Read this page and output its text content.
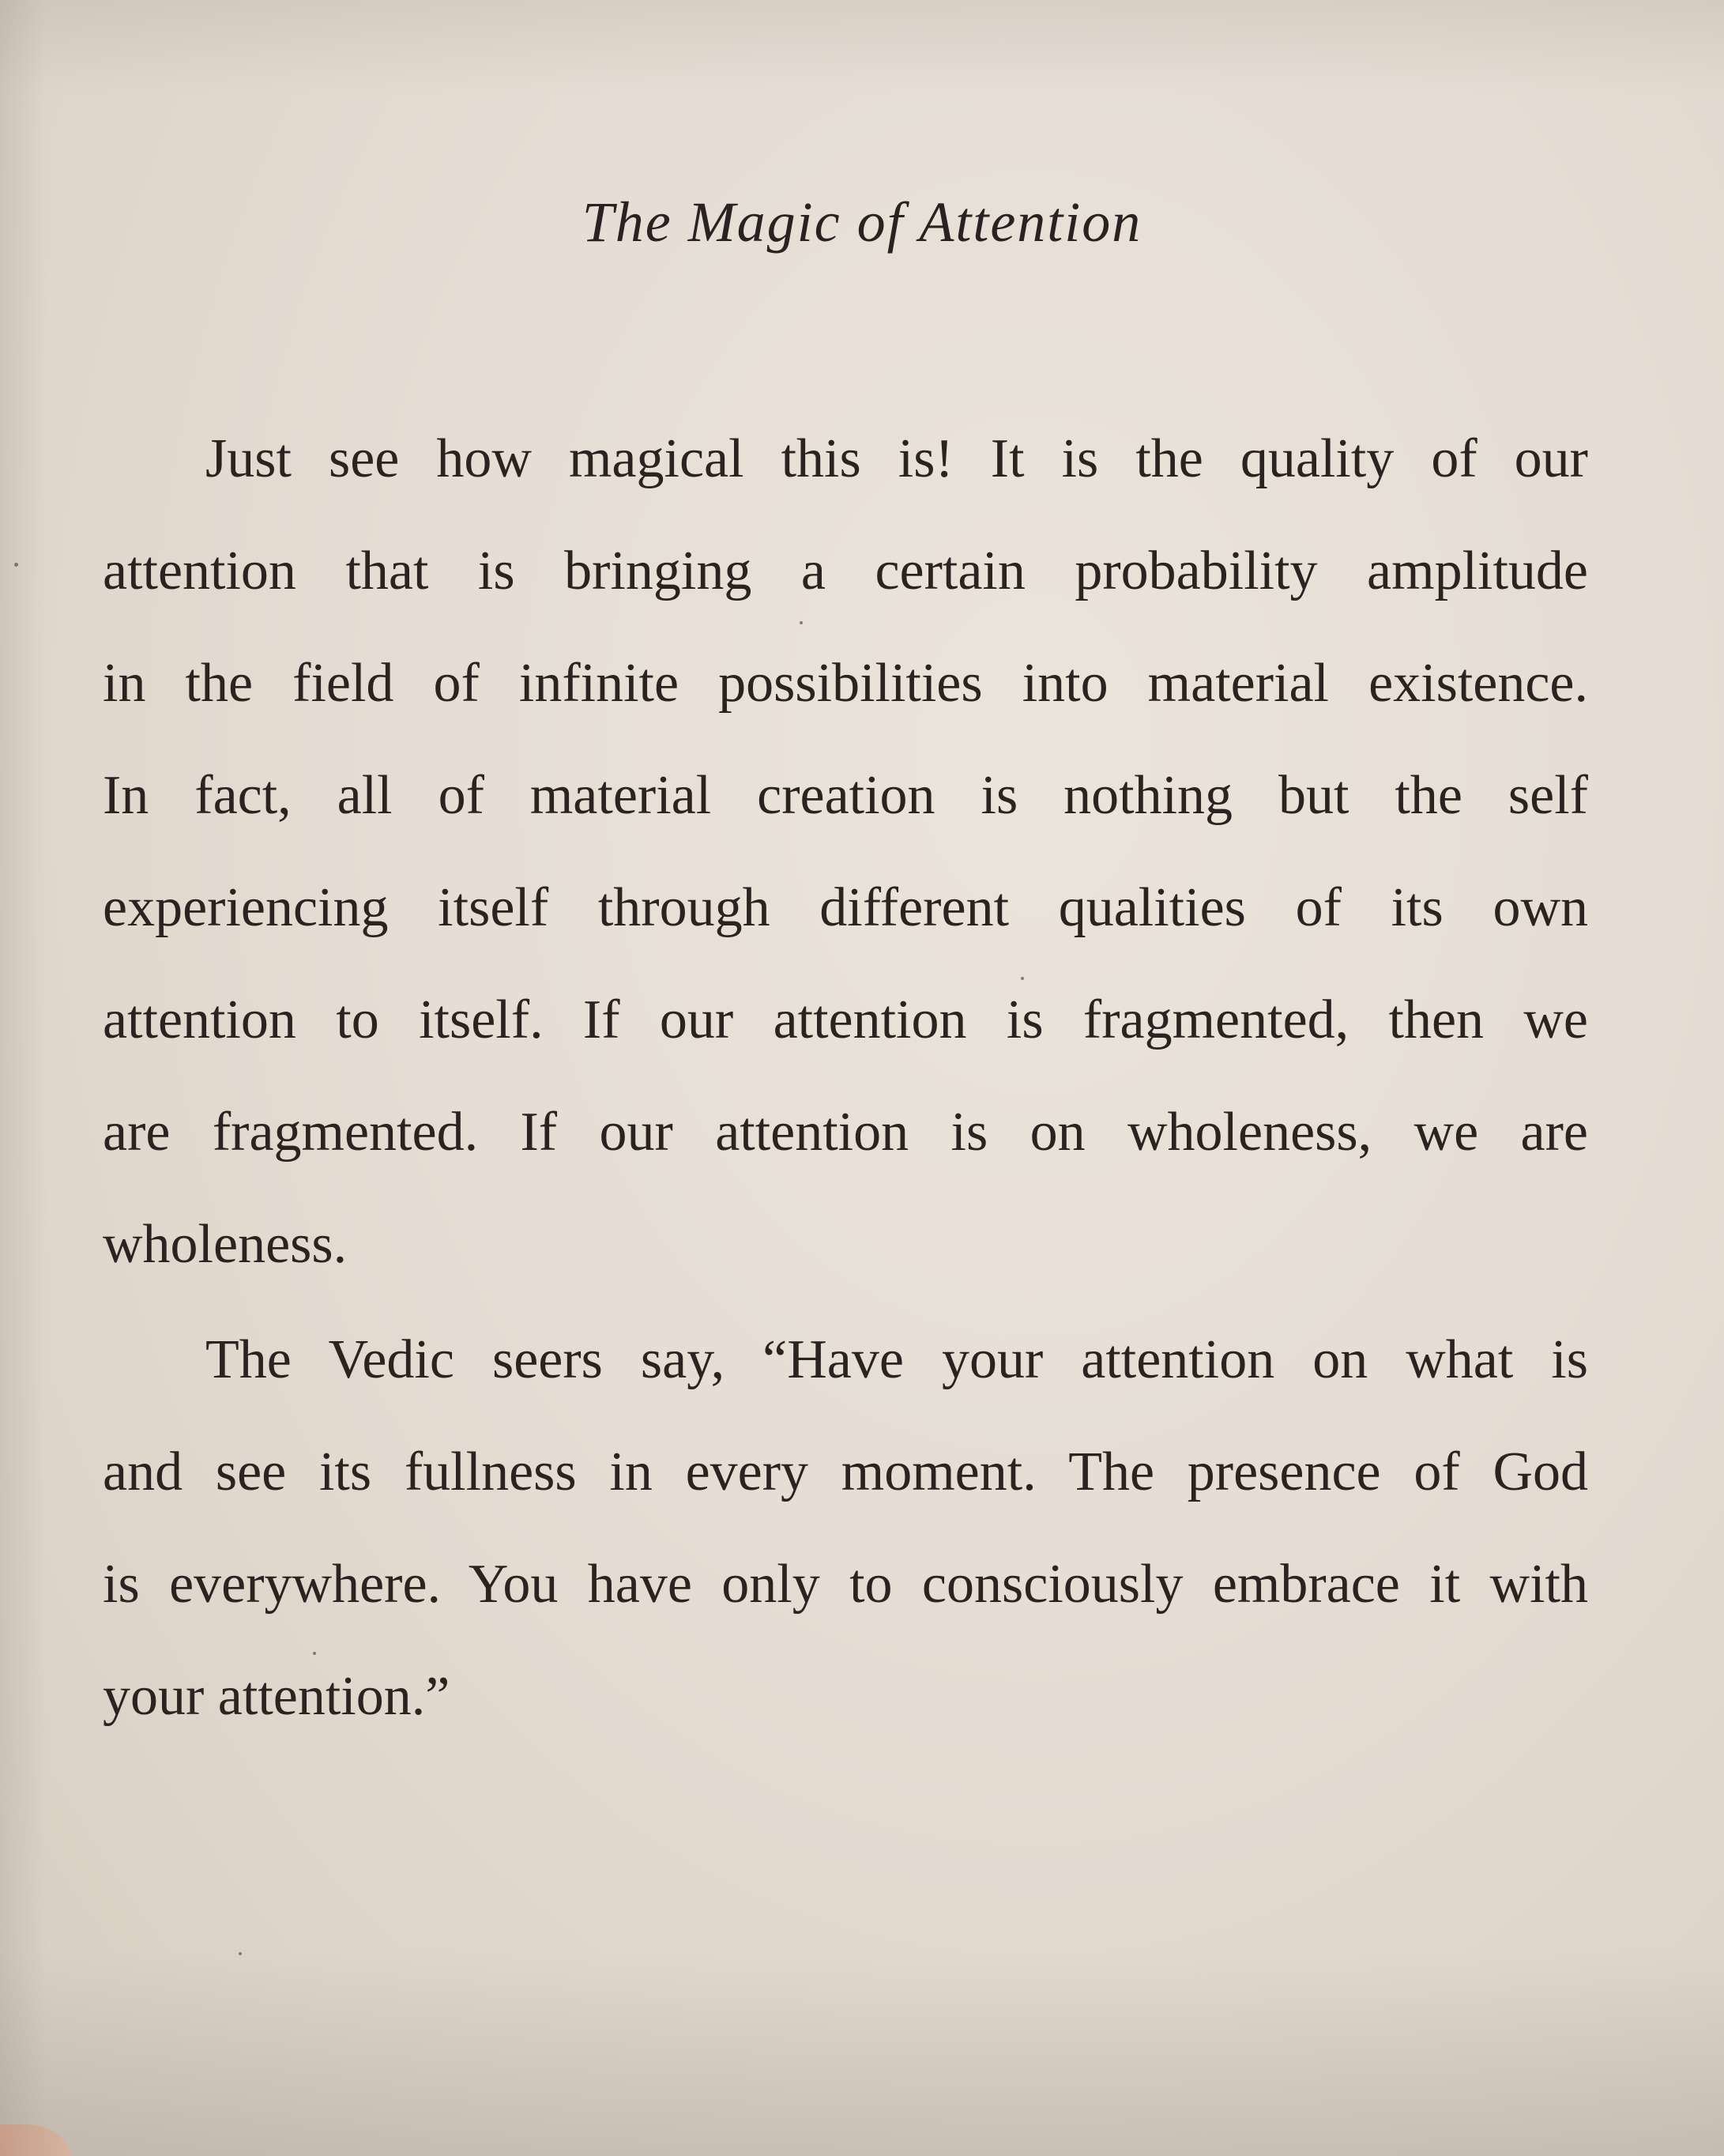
The Magic of Attention
Just see how magical this is! It is the quality of our
attention that is bringing a certain probability amplitude
in the field of infinite possibilities into material existence.
In fact, all of material creation is nothing but the self
experiencing itself through different qualities of its own
attention to itself. If our attention is fragmented, then we
are fragmented. If our attention is on wholeness, we are
wholeness.
The Vedic seers say, “Have your attention on what is
and see its fullness in every moment. The presence of God
is everywhere. You have only to consciously embrace it with
your attention.”
